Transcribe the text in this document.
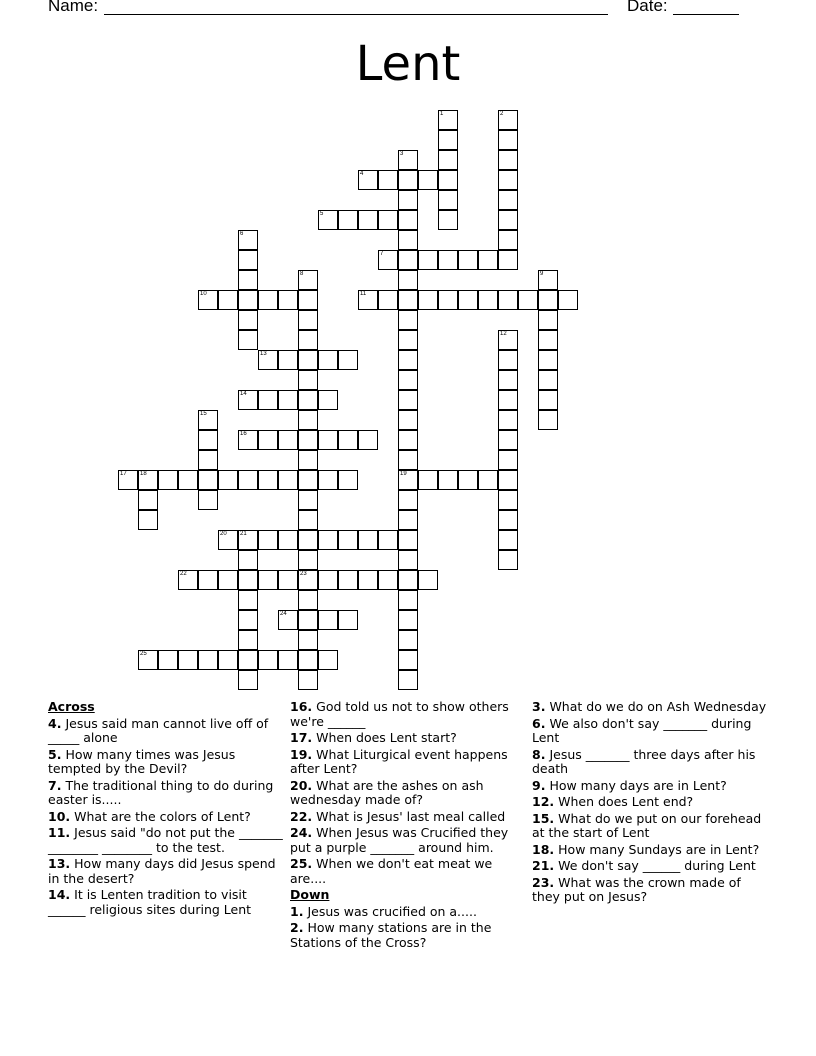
Name:	Date:
Lent
1	2
3
19
4
5
6
7
8
23
9
10	11
12
13
14
15
16
17 18
20 21
22
24
25
Across
4. Jesus said man cannot live off of _____ alone
5. How many times was Jesus tempted by the Devil?
7. The traditional thing to do during easter is.....
10. What are the colors of Lent?
11. Jesus said "do not put the _______ ________ ________ to the test.
13. How many days did Jesus spend in the desert?
14. It is Lenten tradition to visit ______ religious sites during Lent
16. God told us not to show others we're ______
17. When does Lent start?
19. What Liturgical event happens after Lent?
20. What are the ashes on ash wednesday made of?
22. What is Jesus' last meal called
24. When Jesus was Crucified they put a purple _______ around him.
25. When we don't eat meat we are....
Down
1. Jesus was crucified on a.....
2. How many stations are in the Stations of the Cross?
3. What do we do on Ash Wednesday
6. We also don't say _______ during Lent
8. Jesus _______ three days after his death
9. How many days are in Lent?
12. When does Lent end?
15. What do we put on our forehead at the start of Lent
18. How many Sundays are in Lent?
21. We don't say ______ during Lent
23. What was the crown made of they put on Jesus?
